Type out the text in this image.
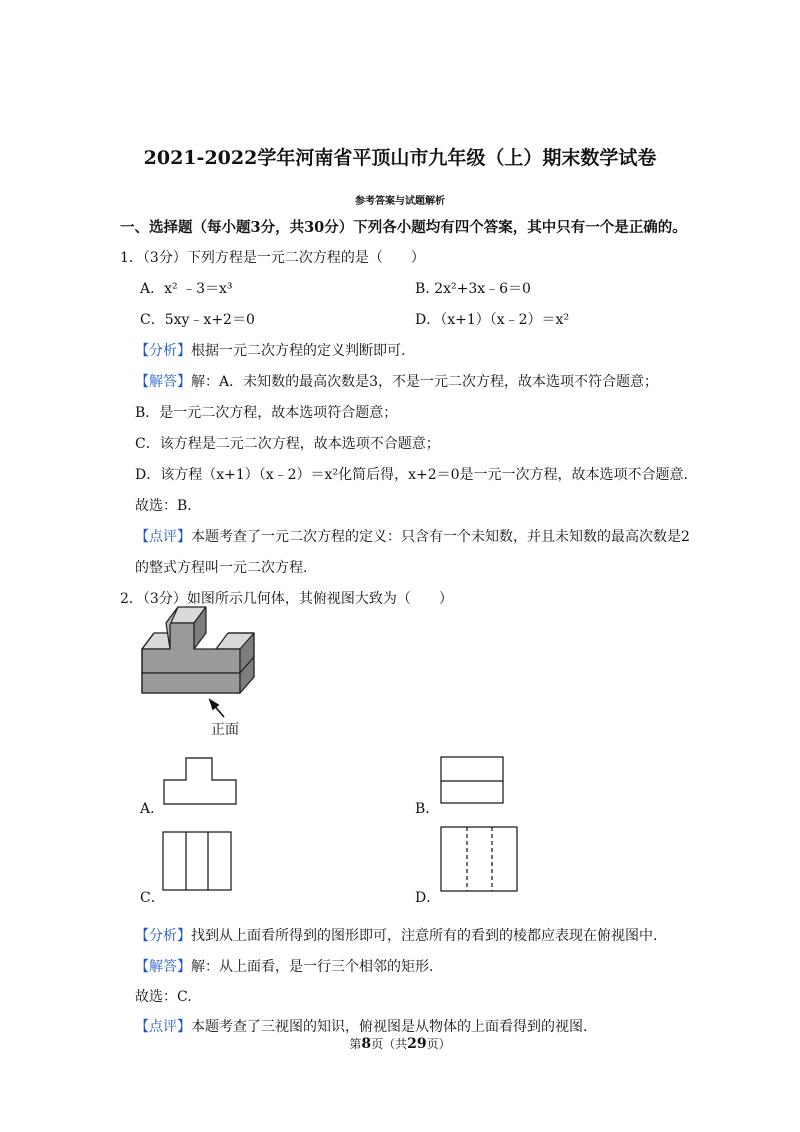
2021-2022学年河南省平顶山市九年级（上）期末数学试卷
参考答案与试题解析
一、选择题（每小题3分，共30分）下列各小题均有四个答案，其中只有一个是正确的。
1．（3分）下列方程是一元二次方程的是（　　）
A．x² ﹣3＝x³	B. 2x²+3x﹣6＝0
C．5xy﹣x+2＝0	D．（x+1）（x﹣2）＝x²
【分析】根据一元二次方程的定义判断即可.
【解答】解：A．未知数的最高次数是3，不是一元二次方程，故本选项不符合题意；
B．是一元二次方程，故本选项符合题意；
C．该方程是二元二次方程，故本选项不合题意；
D．该方程（x+1）（x﹣2）＝x²化简后得，x+2＝0是一元一次方程，故本选项不合题意.
故选：B.
【点评】本题考查了一元二次方程的定义：只含有一个未知数，并且未知数的最高次数是2
的整式方程叫一元二次方程.
2．（3分）如图所示几何体，其俯视图大致为（　　）
正面
A．	B．
C．	D．
【分析】找到从上面看所得到的图形即可，注意所有的看到的棱都应表现在俯视图中.
【解答】解：从上面看，是一行三个相邻的矩形.
故选：C.
【点评】本题考查了三视图的知识，俯视图是从物体的上面看得到的视图.
第8页（共29页）
